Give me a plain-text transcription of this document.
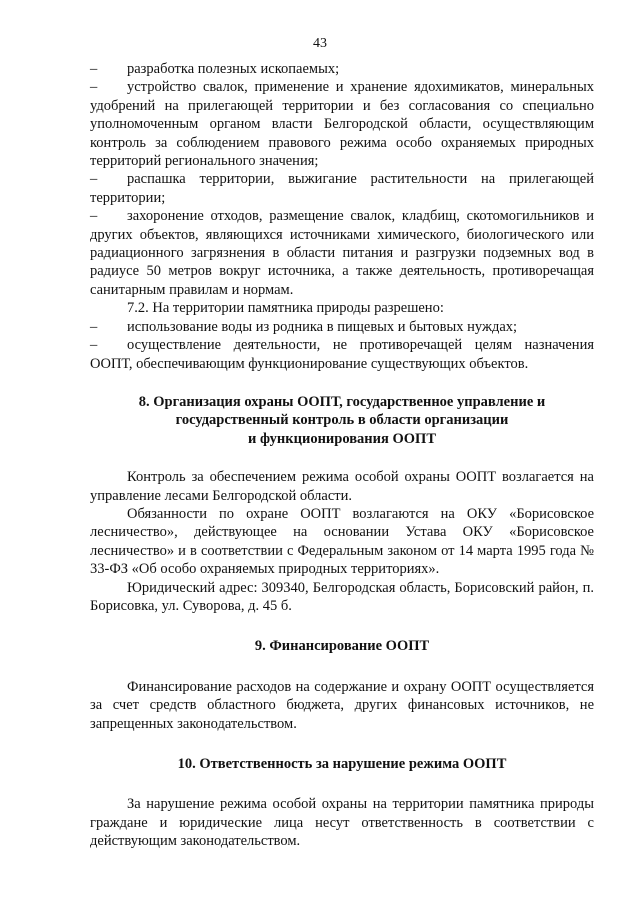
43

– разработка полезных ископаемых;

– устройство свалок, применение и хранение ядохимикатов, минеральных удобрений на прилегающей территории и без согласования со специально уполномоченным органом власти Белгородской области, осуществляющим контроль за соблюдением правового режима особо охраняемых природных территорий регионального значения;

– распашка территории, выжигание растительности на прилегающей территории;

– захоронение отходов, размещение свалок, кладбищ, скотомогильников и других объектов, являющихся источниками химического, биологического или радиационного загрязнения в области питания и разгрузки подземных вод в радиусе 50 метров вокруг источника, а также деятельность, противоречащая санитарным правилам и нормам.

7.2. На территории памятника природы разрешено:

– использование воды из родника в пищевых и бытовых нуждах;

– осуществление деятельности, не противоречащей целям назначения ООПТ, обеспечивающим функционирование существующих объектов.

8. Организация охраны ООПТ, государственное управление и
государственный контроль в области организации
и функционирования ООПТ

Контроль за обеспечением режима особой охраны ООПТ возлагается на управление лесами Белгородской области.

Обязанности по охране ООПТ возлагаются на ОКУ «Борисовское лесничество», действующее на основании Устава ОКУ «Борисовское лесничество» и в соответствии с Федеральным законом от 14 марта 1995 года № 33-ФЗ «Об особо охраняемых природных территориях».

Юридический адрес: 309340, Белгородская область, Борисовский район, п. Борисовка, ул. Суворова, д. 45 б.

9. Финансирование ООПТ

Финансирование расходов на содержание и охрану ООПТ осуществляется за счет средств областного бюджета, других финансовых источников, не запрещенных законодательством.

10. Ответственность за нарушение режима ООПТ

За нарушение режима особой охраны на территории памятника природы граждане и юридические лица несут ответственность в соответствии с действующим законодательством.
